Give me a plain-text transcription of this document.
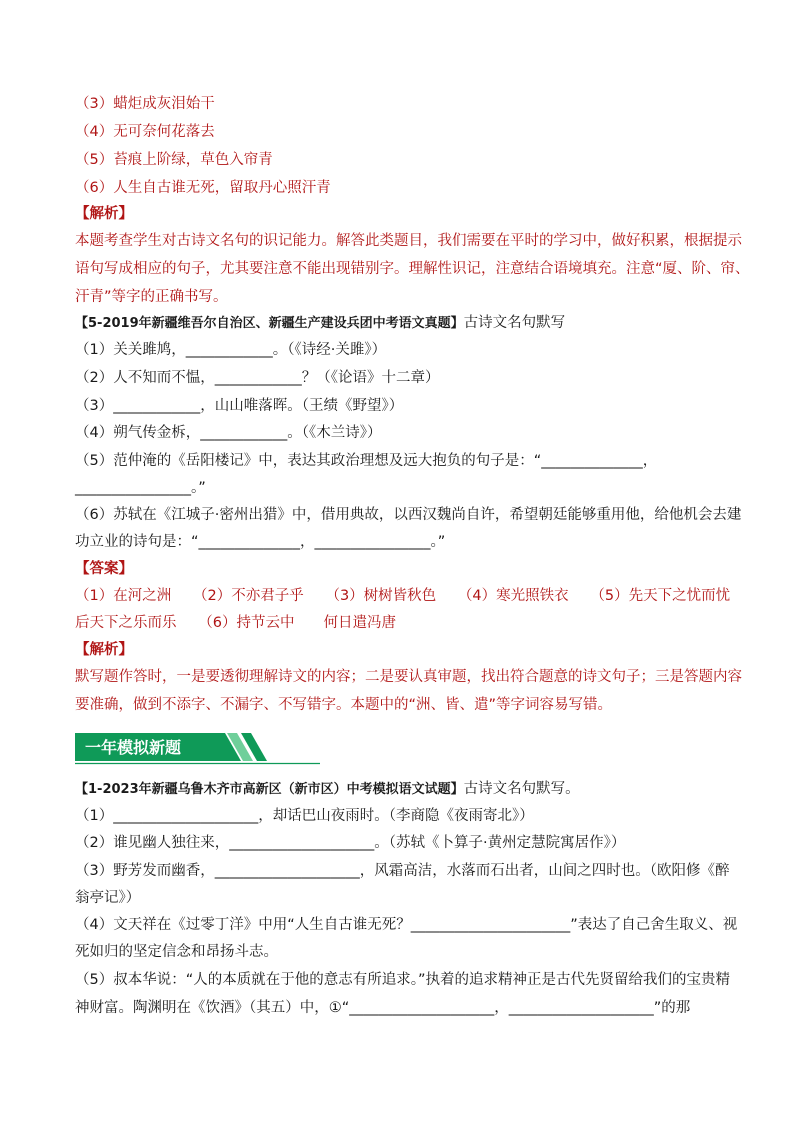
（3）蜡炬成灰泪始干
（4）无可奈何花落去
（5）苔痕上阶绿，草色入帘青
（6）人生自古谁无死，留取丹心照汗青
【解析】
本题考查学生对古诗文名句的识记能力。解答此类题目，我们需要在平时的学习中，做好积累，根据提示
语句写成相应的句子，尤其要注意不能出现错别字。理解性识记，注意结合语境填充。注意“厦、阶、帘、
汗青”等字的正确书写。
【5-2019年新疆维吾尔自治区、新疆生产建设兵团中考语文真题】古诗文名句默写
（1）关关雎鸠，____________。（《诗经·关雎》）
（2）人不知而不愠，____________？（《论语》十二章）
（3）____________，山山唯落晖。（王绩《野望》）
（4）朔气传金柝，____________。（《木兰诗》）
（5）范仲淹的《岳阳楼记》中，表达其政治理想及远大抱负的句子是：“______________，
________________。”
（6）苏轼在《江城子·密州出猎》中，借用典故，以西汉魏尚自许，希望朝廷能够重用他，给他机会去建
功立业的诗句是：“______________，________________。”
【答案】
（1）在河之洲　　（2）不亦君子乎　　（3）树树皆秋色　　（4）寒光照铁衣　　（5）先天下之忧而忧
后天下之乐而乐　　（6）持节云中　　何日遣冯唐
【解析】
默写题作答时，一是要透彻理解诗文的内容；二是要认真审题，找出符合题意的诗文句子；三是答题内容
要准确，做到不添字、不漏字、不写错字。本题中的“洲、皆、遣”等字词容易写错。
一年模拟新题
【1-2023年新疆乌鲁木齐市高新区（新市区）中考模拟语文试题】古诗文名句默写。
（1）____________________，却话巴山夜雨时。（李商隐《夜雨寄北》）
（2）谁见幽人独往来，____________________。（苏轼《卜算子·黄州定慧院寓居作》）
（3）野芳发而幽香，____________________，风霜高洁，水落而石出者，山间之四时也。（欧阳修《醉
翁亭记》）
（4）文天祥在《过零丁洋》中用“人生自古谁无死？______________________”表达了自己舍生取义、视
死如归的坚定信念和昂扬斗志。
（5）叔本华说：“人的本质就在于他的意志有所追求。”执着的追求精神正是古代先贤留给我们的宝贵精
神财富。陶渊明在《饮酒》（其五）中，①“____________________，____________________”的那
